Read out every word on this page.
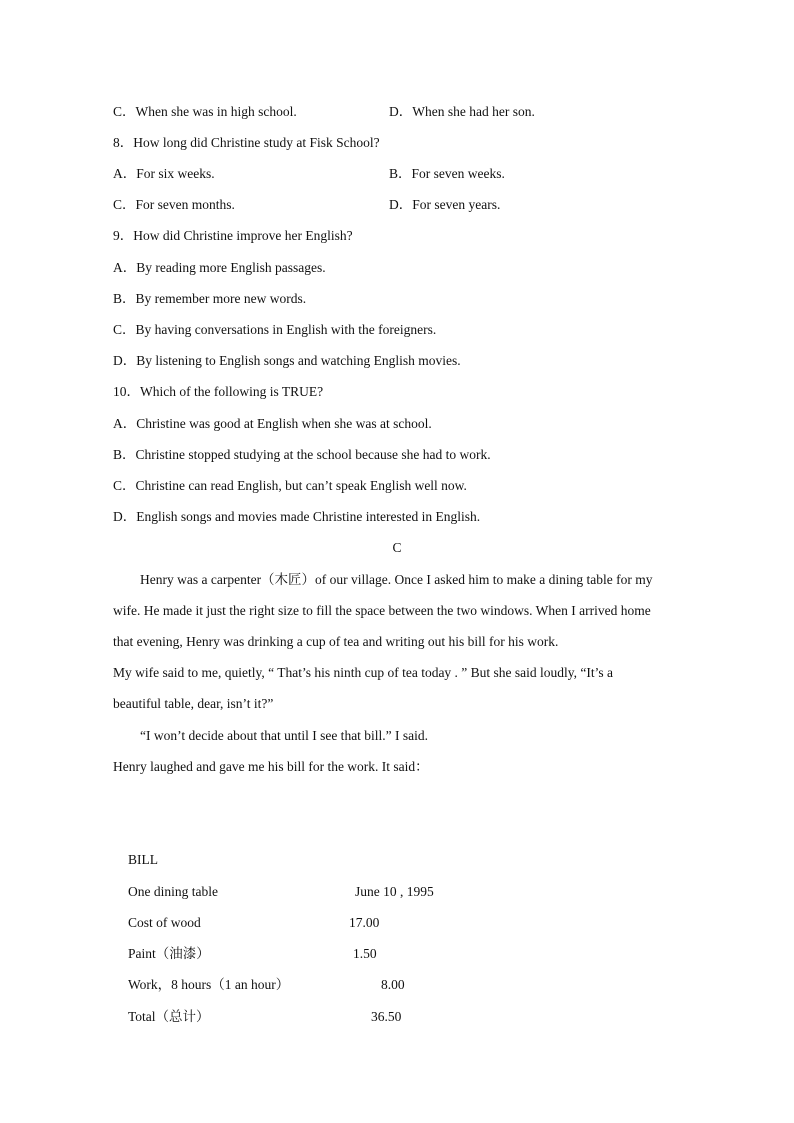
C．When she was in high school.	D．When she had her son.
8．How long did Christine study at Fisk School?
A．For six weeks.	B．For seven weeks.
C．For seven months.	D．For seven years.
9．How did Christine improve her English?
A．By reading more English passages.
B．By remember more new words.
C．By having conversations in English with the foreigners.
D．By listening to English songs and watching English movies.
10．Which of the following is TRUE?
A．Christine was good at English when she was at school.
B．Christine stopped studying at the school because she had to work.
C．Christine can read English, but can’t speak English well now.
D．English songs and movies made Christine interested in English.
C
Henry was a carpenter（木匠）of our village. Once I asked him to make a dining table for my
wife. He made it just the right size to fill the space between the two windows. When I arrived home
that evening, Henry was drinking a cup of tea and writing out his bill for his work.
My wife said to me, quietly, “ That’s his ninth cup of tea today . ” But she said loudly, “It’s a
beautiful table, dear, isn’t it?”
“I won’t decide about that until I see that bill.” I said.
Henry laughed and gave me his bill for the work. It said：
BILL
One dining table	June 10 , 1995
Cost of wood	17.00
Paint（油漆）	1.50
Work，8 hours（1 an hour）	8.00
Total（总计）	36.50
